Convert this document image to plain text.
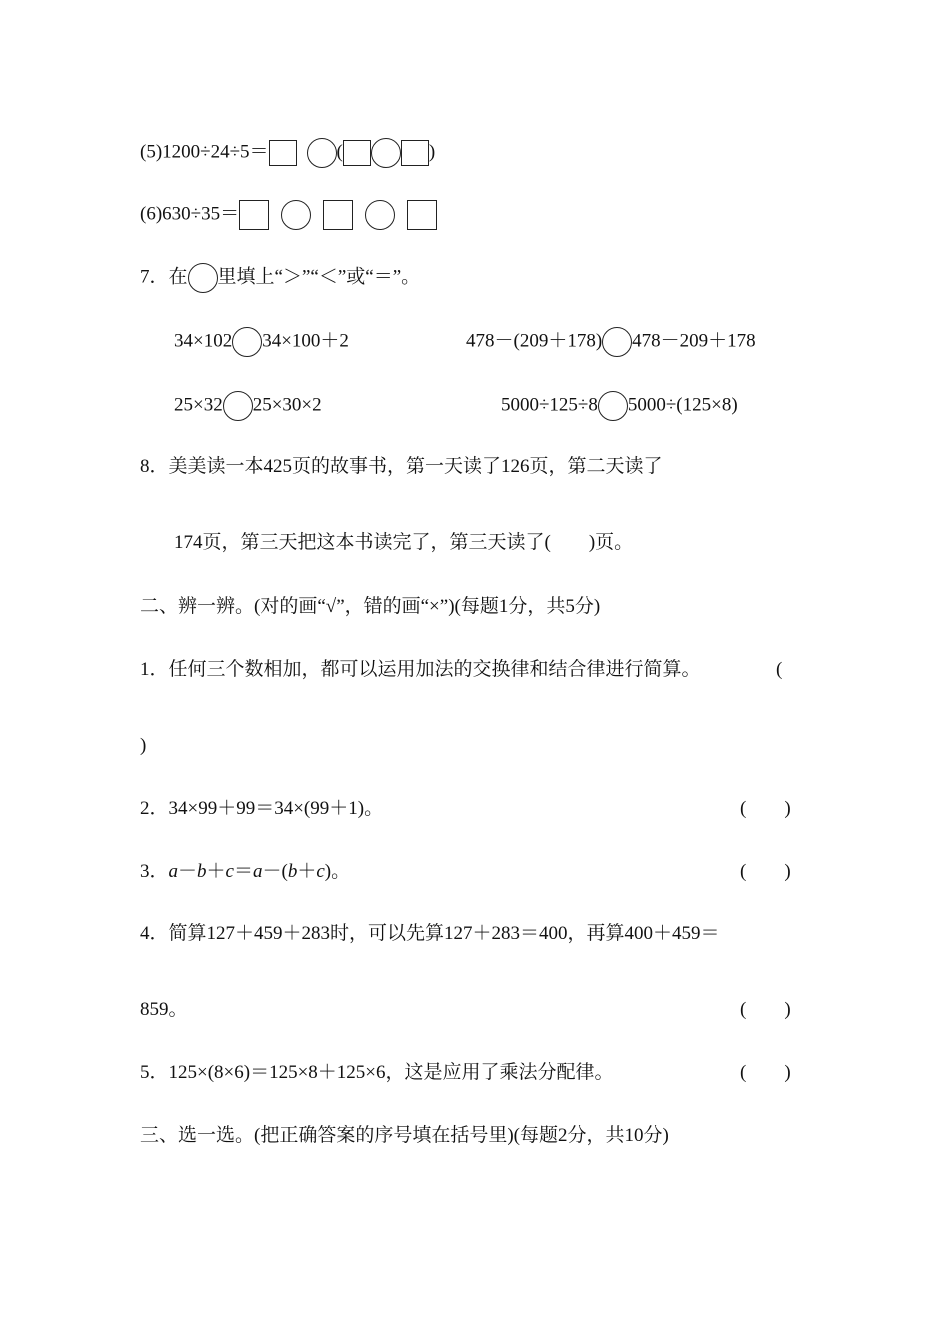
(5)1200÷24÷5＝	(	)
(6)630÷35＝
7．在 里填上“＞”“＜”或“＝”。
34×102 34×100＋2	478－(209＋178) 478－209＋178
25×32 25×30×2	5000÷125÷8 5000÷(125×8)
8．美美读一本425页的故事书，第一天读了126页，第二天读了
174页，第三天把这本书读完了，第三天读了(　　)页。
二、辨一辨。(对的画“√”，错的画“×”)(每题1分，共5分)
1．任何三个数相加，都可以运用加法的交换律和结合律进行简算。	(
)
2．34×99＋99＝34×(99＋1)。	(　　)
3．a－b＋c＝a－(b＋c)。	(　　)
4．简算127＋459＋283时，可以先算127＋283＝400，再算400＋459＝
859。	(　　)
5．125×(8×6)＝125×8＋125×6，这是应用了乘法分配律。	(　　)
三、选一选。(把正确答案的序号填在括号里)(每题2分，共10分)
